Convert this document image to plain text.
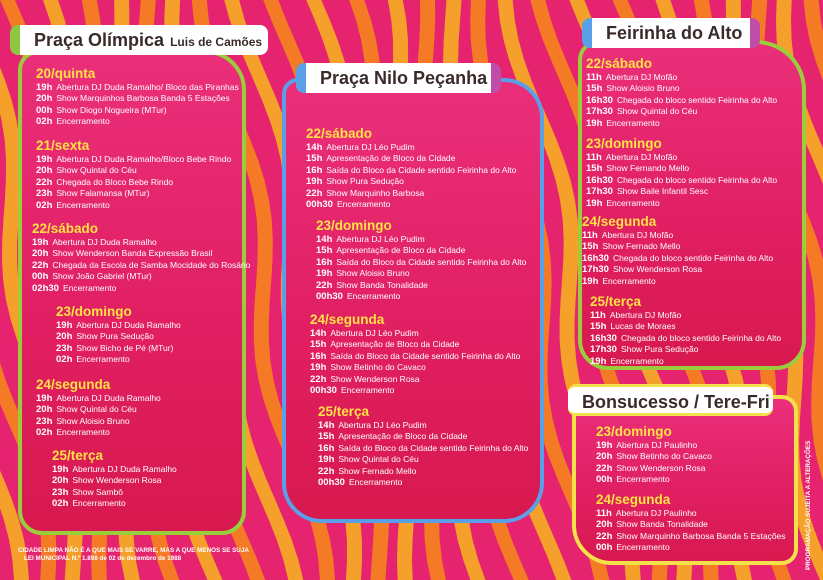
Praça Olímpica Luis de Camões
Praça Nilo Peçanha
Feirinha do Alto
Bonsucesso / Tere-Fri
20/quinta
19h Abertura DJ Duda Ramalho/ Bloco das Piranhas
20h Show Marquinhos Barbosa Banda 5 Estações
00h Show Diogo Nogueira (MTur)
02h Encerramento
21/sexta
19h Abertura DJ Duda Ramalho/Bloco Bebe Rindo
20h Show Quintal do Céu
22h Chegada do Bloco Bebe Rindo
23h Show Falamansa (MTur)
02h Encerramento
22/sábado
19h Abertura DJ Duda Ramalho
20h Show Wenderson Banda Expressão Brasil
22h Chegada da Escola de Samba Mocidade do Rosário
00h Show João Gabriel (MTur)
02h30 Encerramento
23/domingo
19h Abertura DJ Duda Ramalho
20h Show Pura Sedução
23h Show Bicho de Pé (MTur)
02h Encerramento
24/segunda
19h Abertura DJ Duda Ramalho
20h Show Quintal do Céu
23h Show Aloisio Bruno
02h Encerramento
25/terça
19h Abertura DJ Duda Ramalho
20h Show Wenderson Rosa
23h Show Sambô
02h Encerramento
22/sábado
14h Abertura DJ Léo Pudim
15h Apresentação de Bloco da Cidade
16h Saída do Bloco da Cidade sentido Feirinha do Alto
19h Show Pura Sedução
22h Show Marquinho Barbosa
00h30 Encerramento
23/domingo
14h Abertura DJ Léo Pudim
15h Apresentação de Bloco da Cidade
16h Saída do Bloco da Cidade sentido Feirinha do Alto
19h Show Aloisio Bruno
22h Show Banda Tonalidade
00h30 Encerramento
24/segunda
14h Abertura DJ Léo Pudim
15h Apresentação de Bloco da Cidade
16h Saída do Bloco da Cidade sentido Feirinha do Alto
19h Show Betinho do Cavaco
22h Show Wenderson Rosa
00h30 Encerramento
25/terça
14h Abertura DJ Léo Pudim
15h Apresentação de Bloco da Cidade
16h Saída do Bloco da Cidade sentido Feirinha do Alto
19h Show Quintal do Céu
22h Show Fernado Mello
00h30 Encerramento
22/sábado
11h Abertura DJ Mofão
15h Show Aloisio Bruno
16h30 Chegada do bloco sentido Feirinha do Alto
17h30 Show Quintal do Céu
19h Encerramento
23/domingo
11h Abertura DJ Mofão
15h Show Fernando Mello
16h30 Chegada do bloco sentido Feirinha do Alto
17h30 Show Baile Infantil Sesc
19h Encerramento
24/segunda
11h Abertura DJ Mofão
15h Show Fernado Mello
16h30 Chegada do bloco sentido Feirinha do Alto
17h30 Show Wenderson Rosa
19h Encerramento
25/terça
11h Abertura DJ Mofão
15h Lucas de Moraes
16h30 Chegada do bloco sentido Feirinha do Alto
17h30 Show Pura Sedução
19h Encerramento
23/domingo
19h Abertura DJ Paulinho
20h Show Betinho do Cavaco
22h Show Wenderson Rosa
00h Encerramento
24/segunda
11h Abertura DJ Paulinho
20h Show Banda Tonalidade
22h Show Marquinho Barbosa Banda 5 Estações
00h Encerramento
CIDADE LIMPA NÃO É A QUE MAIS SE VARRE, MAS A QUE MENOS SE SUJA
LEI MUNICIPAL N.º 1.898 de 02 de dezembro de 1988	PROGRAMAÇÃO SUJEITA A ALTERAÇÕES
